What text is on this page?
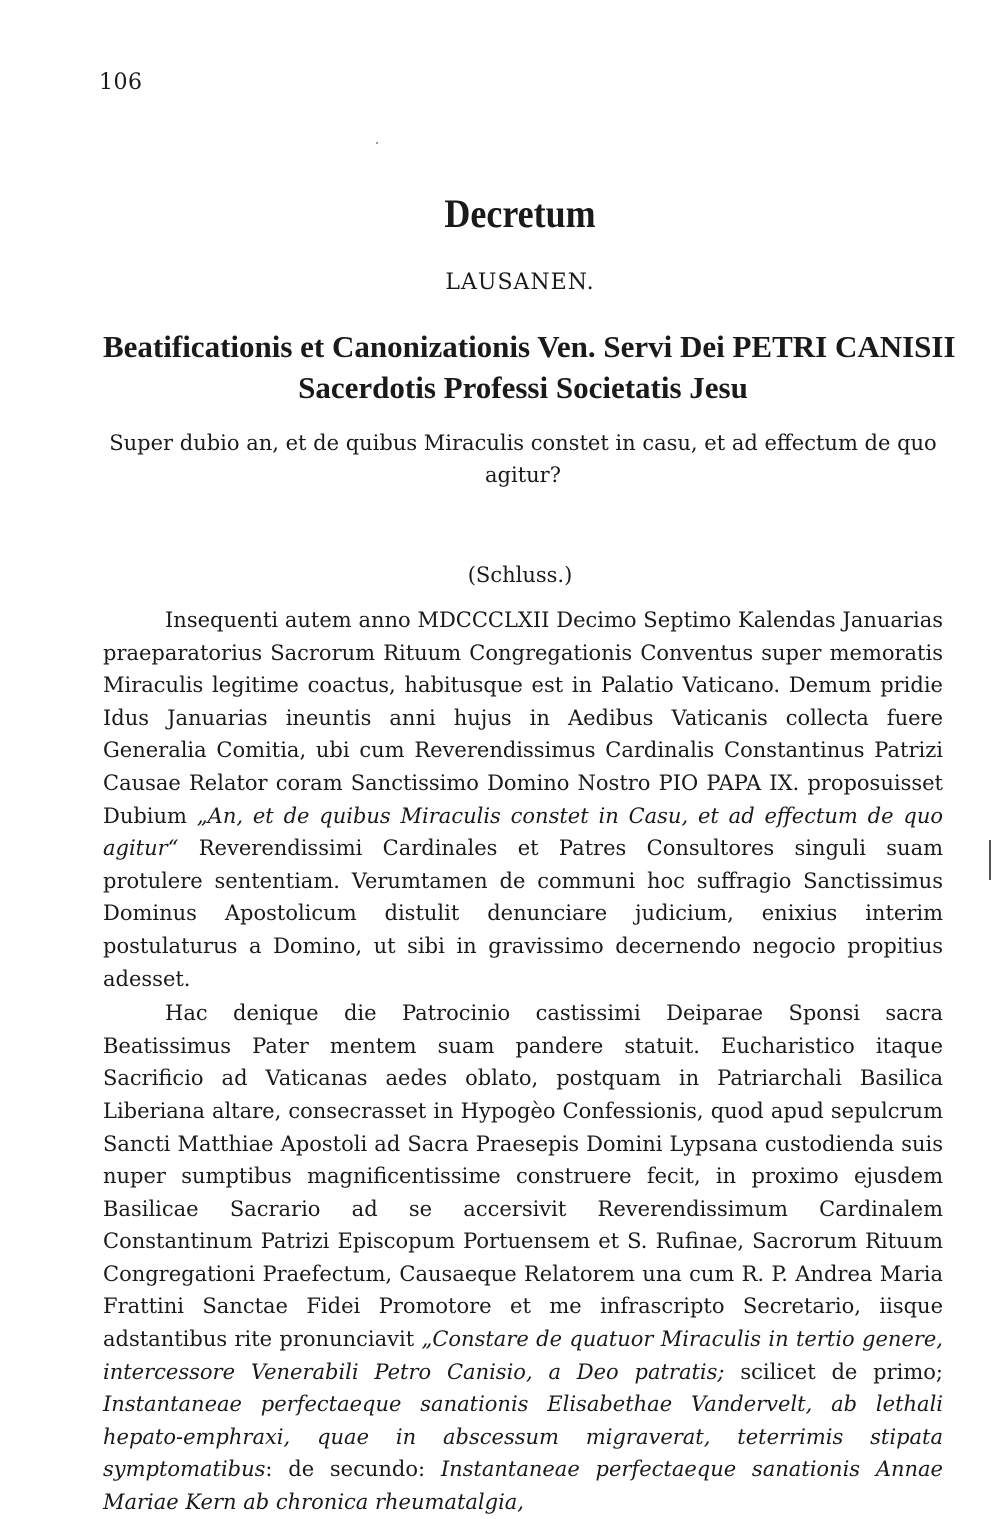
106
Decretum
LAUSANEN.
Beatificationis et Canonizationis Ven. Servi Dei PETRI CANISII
Sacerdotis Professi Societatis Jesu
Super dubio an, et de quibus Miraculis constet in casu, et ad effectum de quo agitur?
(Schluss.)

Insequenti autem anno MDCCCLXII Decimo Septimo Kalendas Januarias praeparatorius Sacrorum Rituum Congregationis Conventus super memoratis Miraculis legitime coactus, habitusque est in Palatio Vaticano. Demum pridie Idus Januarias ineuntis anni hujus in Aedibus Vaticanis collecta fuere Generalia Comitia, ubi cum Reverendissimus Cardinalis Constantinus Patrizi Causae Relator coram Sanctissimo Domino Nostro PIO PAPA IX. proposuisset Dubium „An, et de quibus Miraculis constet in Casu, et ad effectum de quo agitur“ Reverendissimi Cardinales et Patres Consultores singuli suam protulere sententiam. Verumtamen de communi hoc suffragio Sanctissimus Dominus Apostolicum distulit denunciare judicium, enixius interim postulaturus a Domino, ut sibi in gravissimo decernendo negocio propitius adesset.

Hac denique die Patrocinio castissimi Deiparae Sponsi sacra Beatissimus Pater mentem suam pandere statuit. Eucharistico itaque Sacrificio ad Vaticanas aedes oblato, postquam in Patriarchali Basilica Liberiana altare, consecrasset in Hypogèo Confessionis, quod apud sepulcrum Sancti Matthiae Apostoli ad Sacra Praesepis Domini Lypsana custodienda suis nuper sumptibus magnificentissime construere fecit, in proximo ejusdem Basilicae Sacrario ad se accersivit Reverendissimum Cardinalem Constantinum Patrizi Episcopum Portuensem et S. Rufinae, Sacrorum Rituum Congregationi Praefectum, Causaeque Relatorem una cum R. P. Andrea Maria Frattini Sanctae Fidei Promotore et me infrascripto Secretario, iisque adstantibus rite pronunciavit „Constare de quatuor Miraculis in tertio genere, intercessore Venerabili Petro Canisio, a Deo patratis; scilicet de primo; Instantaneae perfectaeque sanationis Elisabethae Vandervelt, ab lethali hepato-emphraxi, quae in abscessum migraverat, teterrimis stipata symptomatibus: de secundo: Instantaneae perfectaeque sanationis Annae Mariae Kern ab chronica rheumatalgia,
